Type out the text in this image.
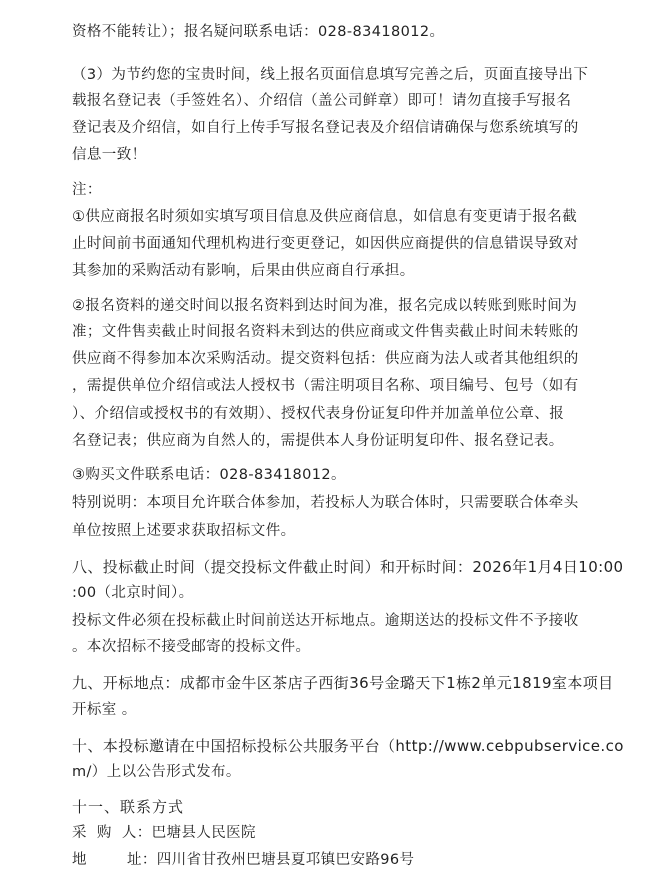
资格不能转让）；报名疑问联系电话：028-83418012。

（3）为节约您的宝贵时间，线上报名页面信息填写完善之后，页面直接导出下

载报名登记表（手签姓名）、介绍信（盖公司鲜章）即可！请勿直接手写报名

登记表及介绍信，如自行上传手写报名登记表及介绍信请确保与您系统填写的

信息一致！

注：

①供应商报名时须如实填写项目信息及供应商信息，如信息有变更请于报名截

止时间前书面通知代理机构进行变更登记，如因供应商提供的信息错误导致对

其参加的采购活动有影响，后果由供应商自行承担。

②报名资料的递交时间以报名资料到达时间为准，报名完成以转账到账时间为

准；文件售卖截止时间报名资料未到达的供应商或文件售卖截止时间未转账的

供应商不得参加本次采购活动。提交资料包括：供应商为法人或者其他组织的

，需提供单位介绍信或法人授权书（需注明项目名称、项目编号、包号（如有

）、介绍信或授权书的有效期）、授权代表身份证复印件并加盖单位公章、报

名登记表；供应商为自然人的，需提供本人身份证明复印件、报名登记表。

③购买文件联系电话：028-83418012。

特别说明：本项目允许联合体参加，若投标人为联合体时，只需要联合体牵头

单位按照上述要求获取招标文件。

八、投标截止时间（提交投标文件截止时间）和开标时间：2026年1月4日10:00

:00（北京时间）。

投标文件必须在投标截止时间前送达开标地点。逾期送达的投标文件不予接收

。本次招标不接受邮寄的投标文件。

九、开标地点：成都市金牛区茶店子西街36号金璐天下1栋2单元1819室本项目

开标室 。

十、本投标邀请在中国招标投标公共服务平台（http://www.cebpubservice.co

m/）上以公告形式发布。

十一、联系方式

采  购  人：巴塘县人民医院

地        址：四川省甘孜州巴塘县夏邛镇巴安路96号
